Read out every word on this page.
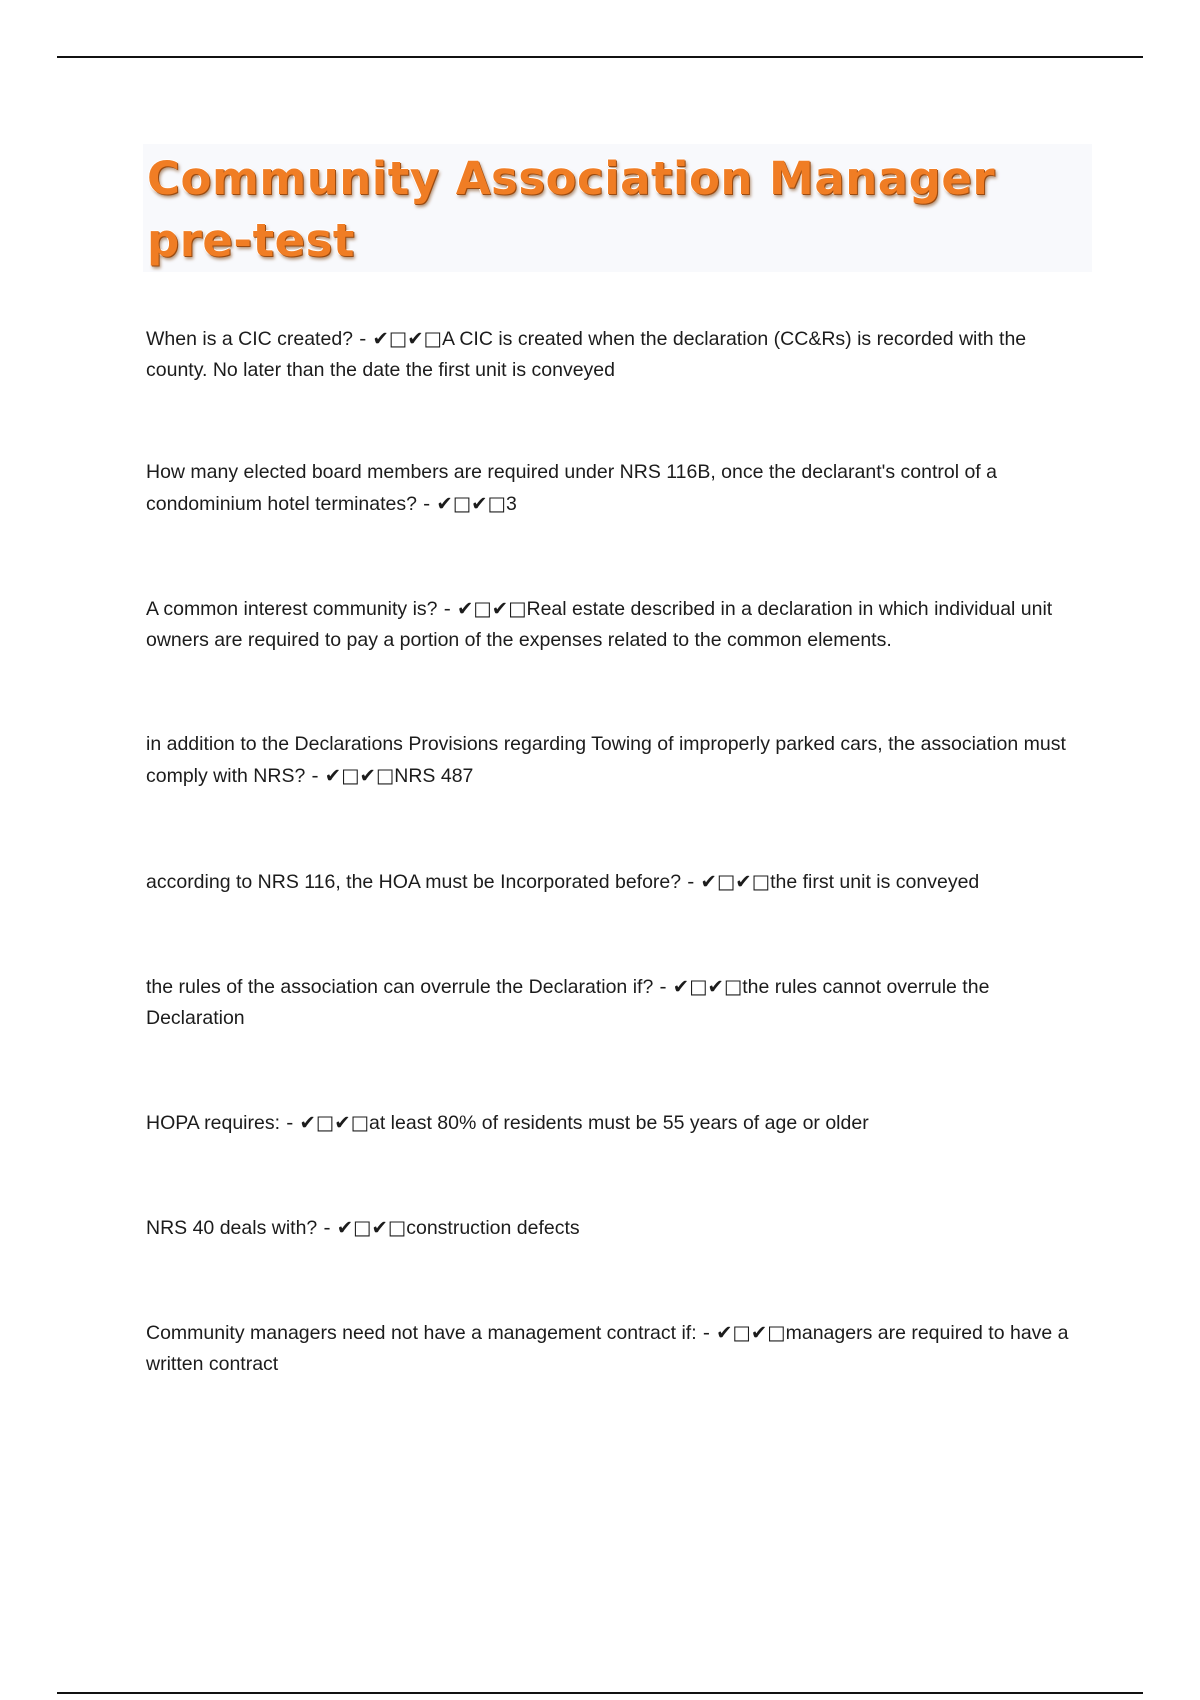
Community Association Manager pre-test

When is a CIC created? - ✔□✔□A CIC is created when the declaration (CC&Rs) is recorded with the county. No later than the date the first unit is conveyed

How many elected board members are required under NRS 116B, once the declarant's control of a condominium hotel terminates? - ✔□✔□3

A common interest community is? - ✔□✔□Real estate described in a declaration in which individual unit owners are required to pay a portion of the expenses related to the common elements.

in addition to the Declarations Provisions regarding Towing of improperly parked cars, the association must comply with NRS? - ✔□✔□NRS 487

according to NRS 116, the HOA must be Incorporated before? - ✔□✔□the first unit is conveyed

the rules of the association can overrule the Declaration if? - ✔□✔□the rules cannot overrule the Declaration

HOPA requires: - ✔□✔□at least 80% of residents must be 55 years of age or older

NRS 40 deals with? - ✔□✔□construction defects

Community managers need not have a management contract if: - ✔□✔□managers are required to have a written contract
